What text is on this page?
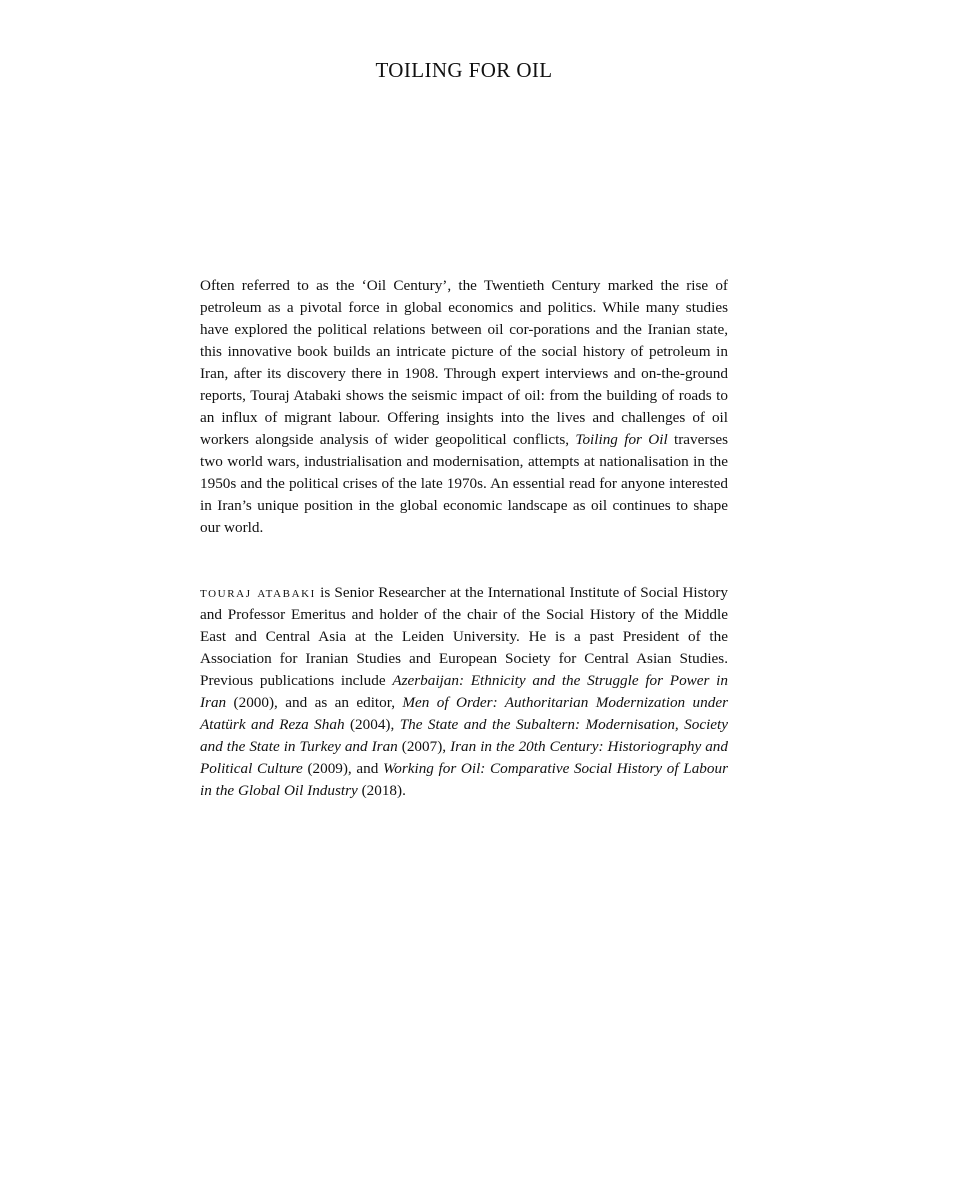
TOILING FOR OIL

Often referred to as the ‘Oil Century’, the Twentieth Century marked the rise of petroleum as a pivotal force in global economics and politics. While many studies have explored the political relations between oil cor-porations and the Iranian state, this innovative book builds an intricate picture of the social history of petroleum in Iran, after its discovery there in 1908. Through expert interviews and on-the-ground reports, Touraj Atabaki shows the seismic impact of oil: from the building of roads to an influx of migrant labour. Offering insights into the lives and challenges of oil workers alongside analysis of wider geopolitical conflicts, Toiling for Oil traverses two world wars, industrialisation and modernisation, attempts at nationalisation in the 1950s and the political crises of the late 1970s. An essential read for anyone interested in Iran’s unique position in the global economic landscape as oil continues to shape our world.

touraj atabaki is Senior Researcher at the International Institute of Social History and Professor Emeritus and holder of the chair of the Social History of the Middle East and Central Asia at the Leiden University. He is a past President of the Association for Iranian Studies and European Society for Central Asian Studies. Previous publications include Azerbaijan: Ethnicity and the Struggle for Power in Iran (2000), and as an editor, Men of Order: Authoritarian Modernization under Atatürk and Reza Shah (2004), The State and the Subaltern: Modernisation, Society and the State in Turkey and Iran (2007), Iran in the 20th Century: Historiography and Political Culture (2009), and Working for Oil: Comparative Social History of Labour in the Global Oil Industry (2018).
